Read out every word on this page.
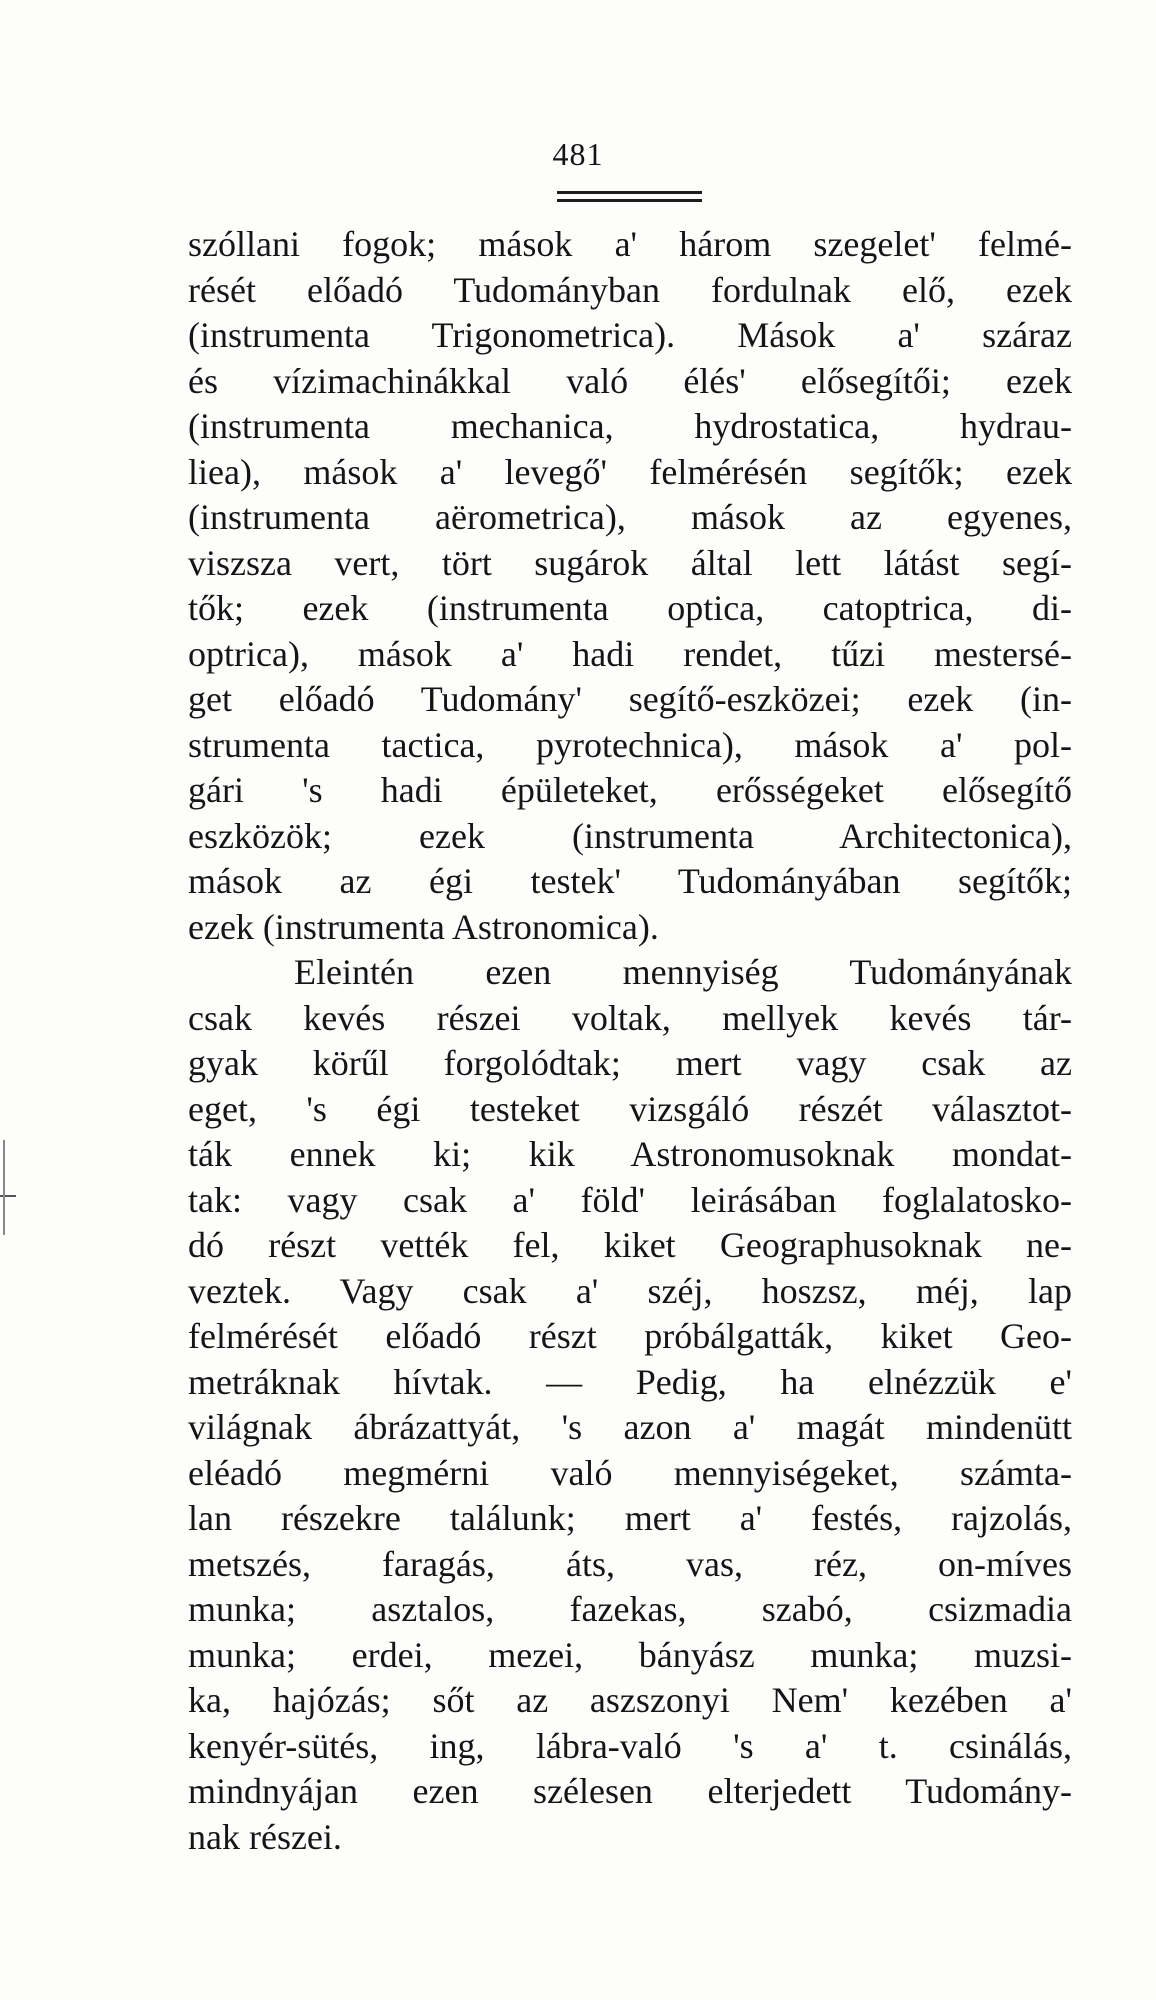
481
szóllani fogok; mások a' három szegelet' felmé-
rését előadó Tudományban fordulnak elő, ezek
(instrumenta Trigonometrica). Mások a' száraz
és vízimachinákkal való élés' elősegítői; ezek
(instrumenta mechanica, hydrostatica, hydrau-
liea), mások a' levegő' felmérésén segítők; ezek
(instrumenta aërometrica), mások az egyenes,
viszsza vert, tört sugárok által lett látást segí-
tők; ezek (instrumenta optica, catoptrica, di-
optrica), mások a' hadi rendet, tűzi mestersé-
get előadó Tudomány' segítő-eszközei; ezek (in-
strumenta tactica, pyrotechnica), mások a' pol-
gári 's hadi épületeket, erősségeket elősegítő
eszközök; ezek (instrumenta Architectonica),
mások az égi testek' Tudományában segítők;
ezek (instrumenta Astronomica).
Eleintén ezen mennyiség Tudományának
csak kevés részei voltak, mellyek kevés tár-
gyak körűl forgolódtak; mert vagy csak az
eget, 's égi testeket vizsgáló részét választot-
ták ennek ki; kik Astronomusoknak mondat-
tak: vagy csak a' föld' leirásában foglalatosko-
dó részt vették fel, kiket Geographusoknak ne-
veztek. Vagy csak a' széj, hoszsz, méj, lap
felmérését előadó részt próbálgatták, kiket Geo-
metráknak hívtak. — Pedig, ha elnézzük e'
világnak ábrázattyát, 's azon a' magát mindenütt
eléadó megmérni való mennyiségeket, számta-
lan részekre találunk; mert a' festés, rajzolás,
metszés, faragás, áts, vas, réz, on-míves
munka; asztalos, fazekas, szabó, csizmadia
munka; erdei, mezei, bányász munka; muzsi-
ka, hajózás; sőt az aszszonyi Nem' kezében a'
kenyér-sütés, ing, lábra-való 's a' t. csinálás,
mindnyájan ezen szélesen elterjedett Tudomány-
nak részei.
